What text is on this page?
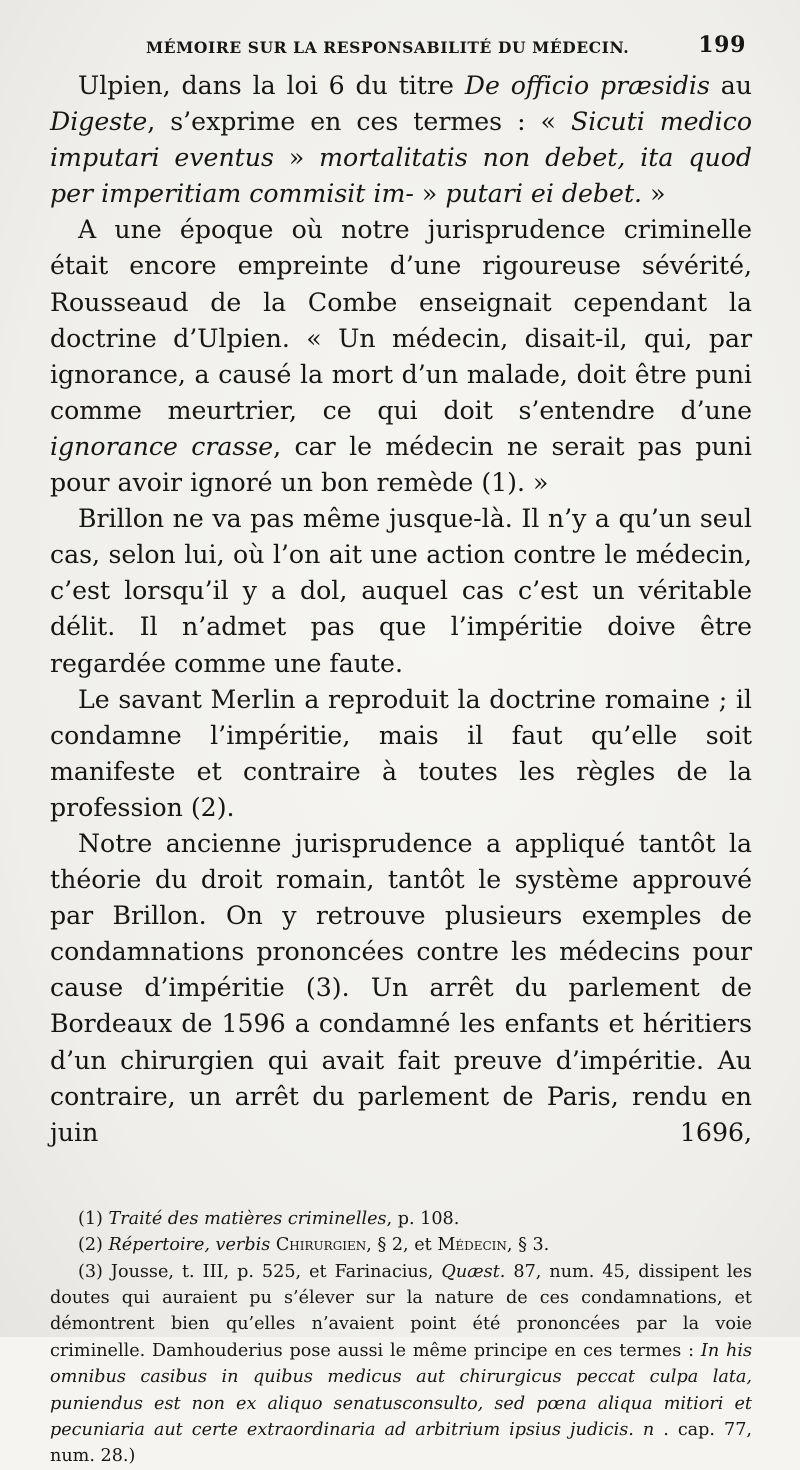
MÉMOIRE SUR LA RESPONSABILITÉ DU MÉDECIN.	199

Ulpien, dans la loi 6 du titre De officio præsidis au Digeste, s’exprime en ces termes : « Sicuti medico imputari eventus » mortalitatis non debet, ita quod per imperitiam commisit im- » putari ei debet. »

A une époque où notre jurisprudence criminelle était encore empreinte d’une rigoureuse sévérité, Rousseaud de la Combe enseignait cependant la doctrine d’Ulpien. « Un médecin, disait-il, qui, par ignorance, a causé la mort d’un malade, doit être puni comme meurtrier, ce qui doit s’entendre d’une ignorance crasse, car le médecin ne serait pas puni pour avoir ignoré un bon remède (1). »

Brillon ne va pas même jusque-là. Il n’y a qu’un seul cas, selon lui, où l’on ait une action contre le médecin, c’est lorsqu’il y a dol, auquel cas c’est un véritable délit. Il n’admet pas que l’impéritie doive être regardée comme une faute.

Le savant Merlin a reproduit la doctrine romaine ; il condamne l’impéritie, mais il faut qu’elle soit manifeste et contraire à toutes les règles de la profession (2).

Notre ancienne jurisprudence a appliqué tantôt la théorie du droit romain, tantôt le système approuvé par Brillon. On y retrouve plusieurs exemples de condamnations prononcées contre les médecins pour cause d’impéritie (3). Un arrêt du parlement de Bordeaux de 1596 a condamné les enfants et héritiers d’un chirurgien qui avait fait preuve d’impéritie. Au contraire, un arrêt du parlement de Paris, rendu en juin 1696,

(1) Traité des matières criminelles, p. 108.

(2) Répertoire, verbis Chirurgien, § 2, et Médecin, § 3.

(3) Jousse, t. III, p. 525, et Farinacius, Quæst. 87, num. 45, dissipent les doutes qui auraient pu s’élever sur la nature de ces condamnations, et démontrent bien qu’elles n’avaient point été prononcées par la voie criminelle. Damhouderius pose aussi le même principe en ces termes : In his omnibus casibus in quibus medicus aut chirurgicus peccat culpa lata, puniendus est non ex aliquo senatusconsulto, sed pœna aliqua mitiori et pecuniaria aut certe extraordinaria ad arbitrium ipsius judicis. n . cap. 77, num. 28.)
